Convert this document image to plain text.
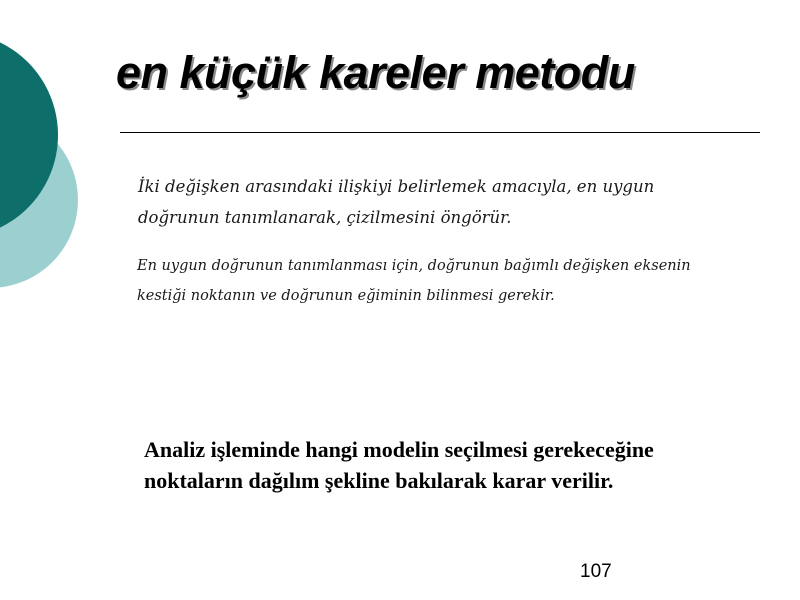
en küçük kareler metodu

İki değişken arasındaki ilişkiyi belirlemek amacıyla, en uygun doğrunun tanımlanarak, çizilmesini öngörür.

En uygun doğrunun tanımlanması için, doğrunun bağımlı değişken eksenin kestiği noktanın ve doğrunun eğiminin bilinmesi gerekir.

Analiz işleminde hangi modelin seçilmesi gerekeceğine noktaların dağılım şekline bakılarak karar verilir.

107
